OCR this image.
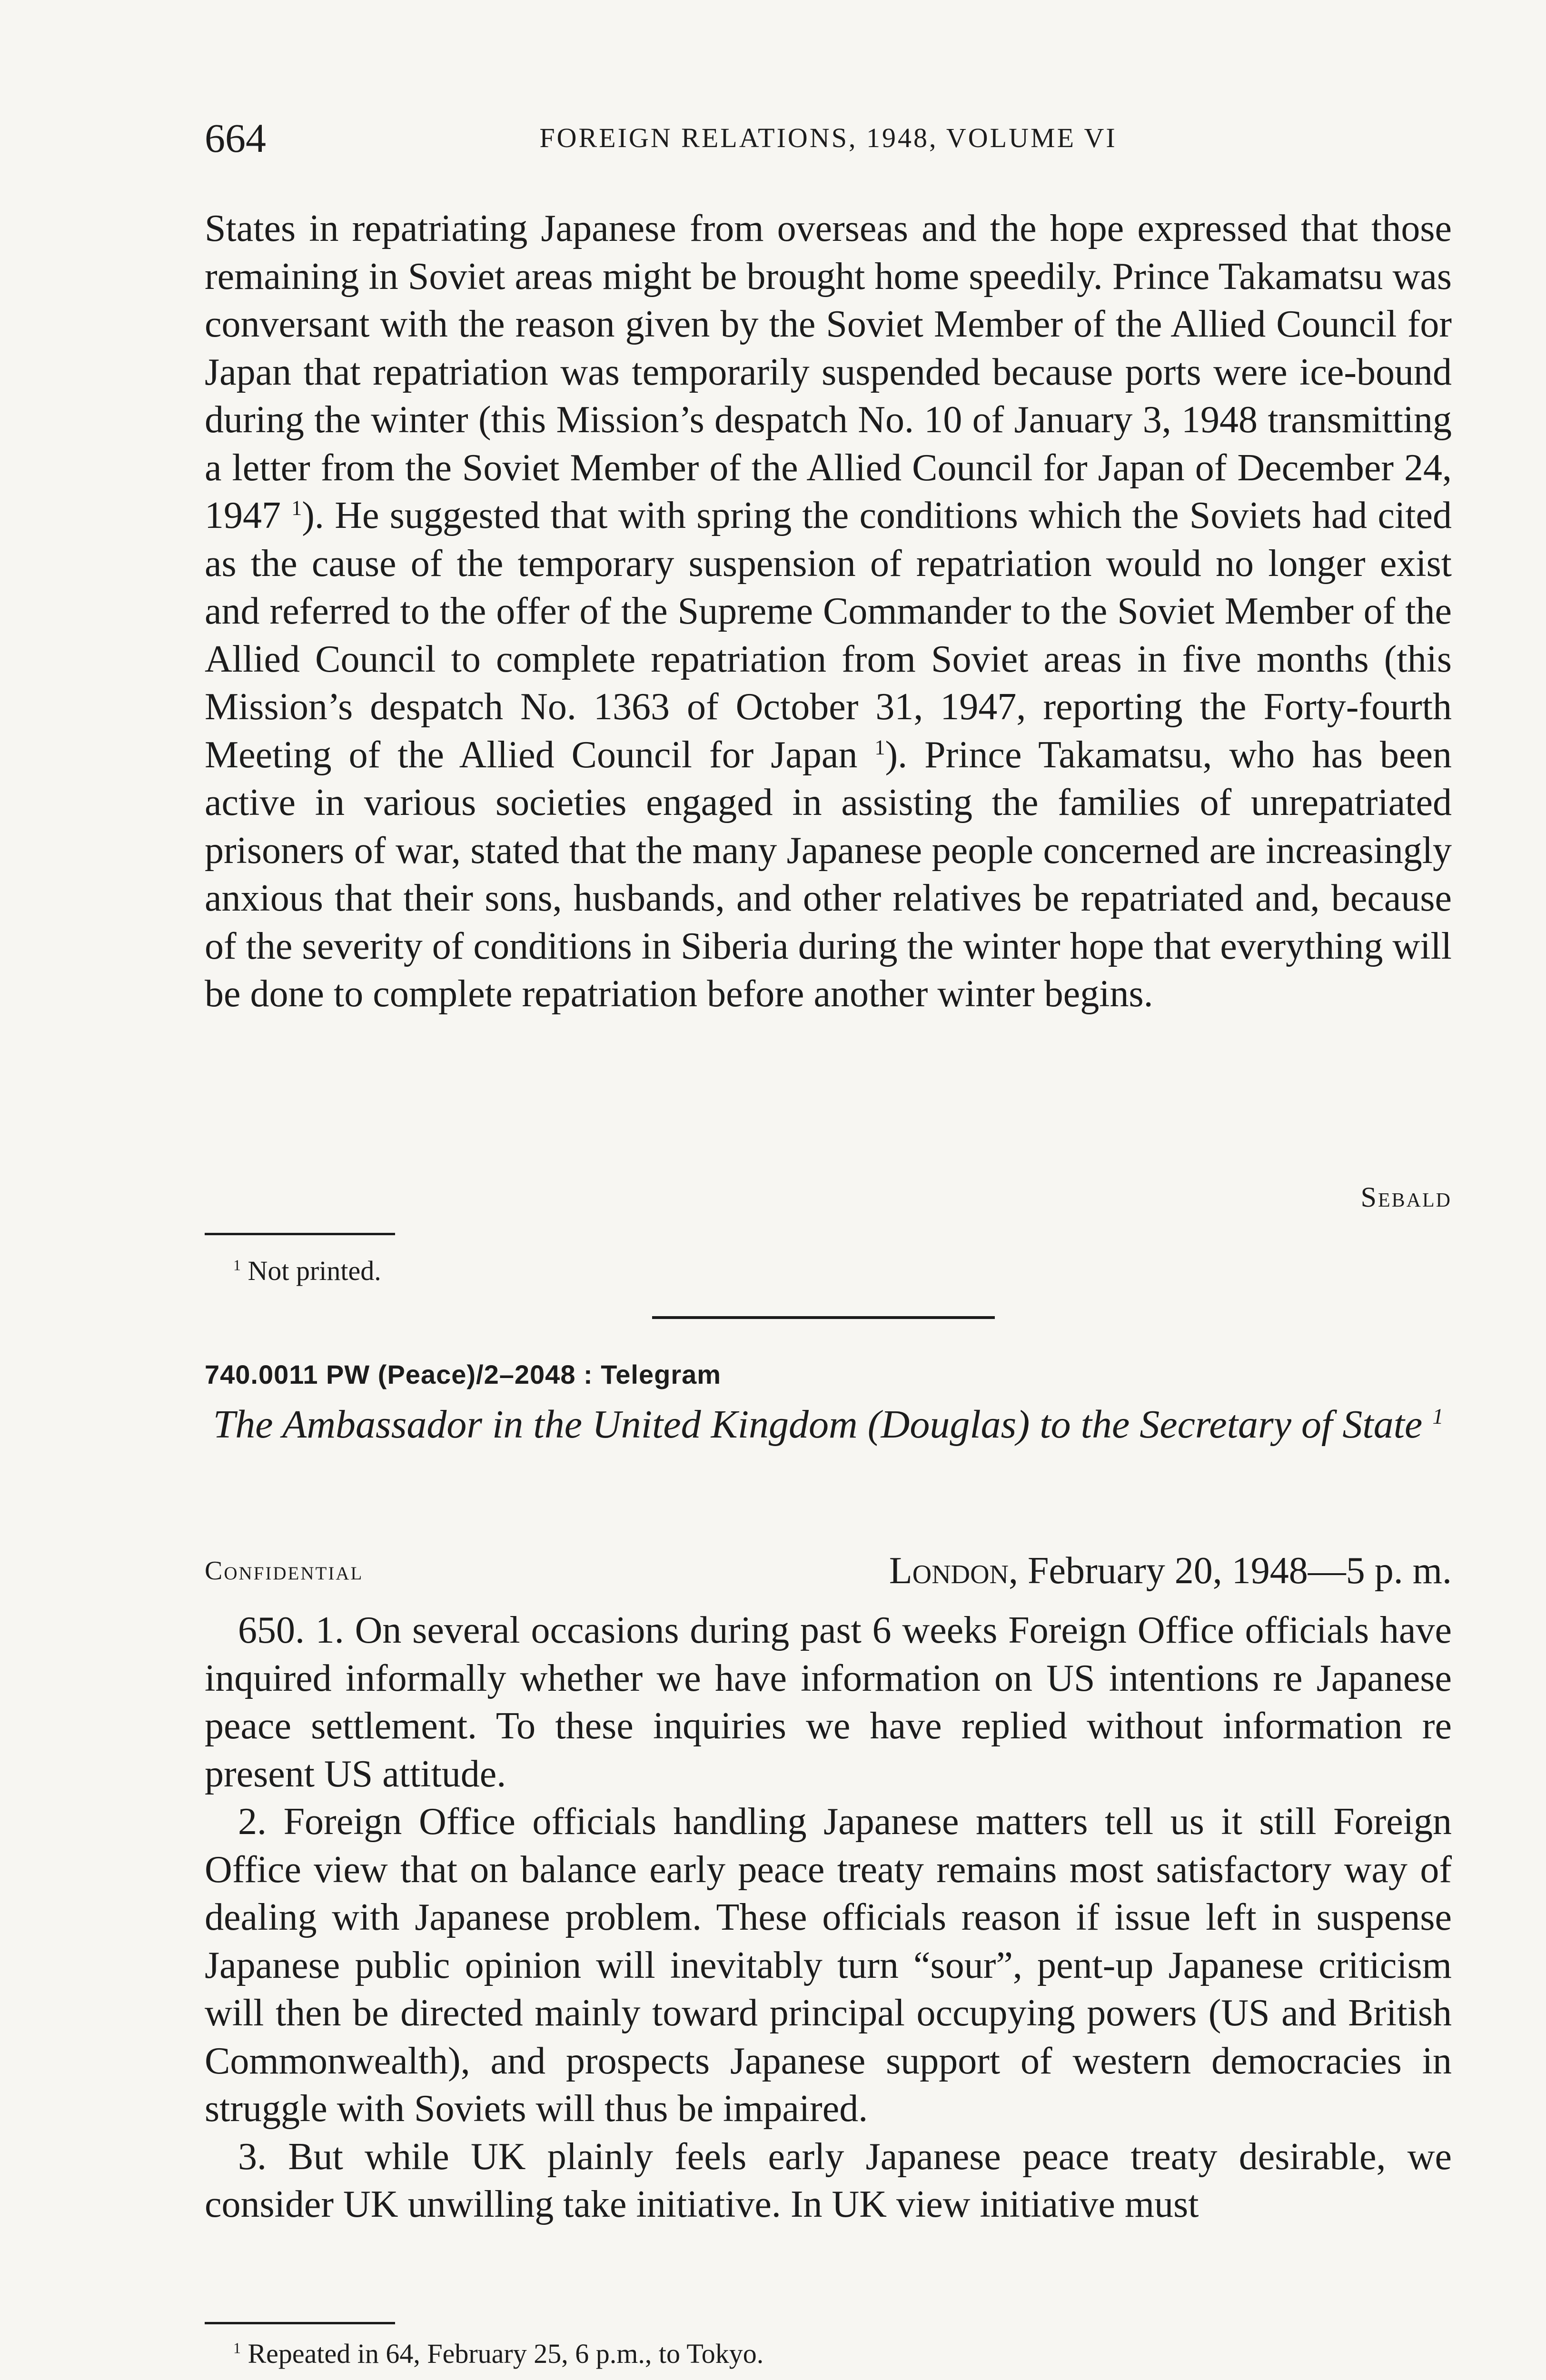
664	FOREIGN RELATIONS, 1948, VOLUME VI

States in repatriating Japanese from overseas and the hope expressed that those remaining in Soviet areas might be brought home speedily. Prince Takamatsu was conversant with the reason given by the Soviet Member of the Allied Council for Japan that repatriation was temporarily suspended because ports were ice-bound during the winter (this Mission’s despatch No. 10 of January 3, 1948 transmitting a letter from the Soviet Member of the Allied Council for Japan of December 24, 1947 $^1$). He suggested that with spring the conditions which the Soviets had cited as the cause of the temporary suspension of repatriation would no longer exist and referred to the offer of the Supreme Commander to the Soviet Member of the Allied Council to complete repatriation from Soviet areas in five months (this Mission’s despatch No. 1363 of October 31, 1947, reporting the Forty-fourth Meeting of the Allied Council for Japan $^1$). Prince Takamatsu, who has been active in various societies engaged in assisting the families of unrepatriated prisoners of war, stated that the many Japanese people concerned are increasingly anxious that their sons, husbands, and other relatives be repatriated and, because of the severity of conditions in Siberia during the winter hope that everything will be done to complete repatriation before another winter begins.

Sebald
$^1$ Not printed.
740.0011 PW (Peace)/2–2048 : Telegram
The Ambassador in the United Kingdom (Douglas) to the Secretary of State $^1$
Confidential	London, February 20, 1948—5 p. m.

650. 1. On several occasions during past 6 weeks Foreign Office officials have inquired informally whether we have information on US intentions re Japanese peace settlement. To these inquiries we have replied without information re present US attitude.

2. Foreign Office officials handling Japanese matters tell us it still Foreign Office view that on balance early peace treaty remains most satisfactory way of dealing with Japanese problem. These officials reason if issue left in suspense Japanese public opinion will inevitably turn “sour”, pent-up Japanese criticism will then be directed mainly toward principal occupying powers (US and British Commonwealth), and prospects Japanese support of western democracies in struggle with Soviets will thus be impaired.

3. But while UK plainly feels early Japanese peace treaty desirable, we consider UK unwilling take initiative. In UK view initiative must

$^1$ Repeated in 64, February 25, 6 p.m., to Tokyo.
